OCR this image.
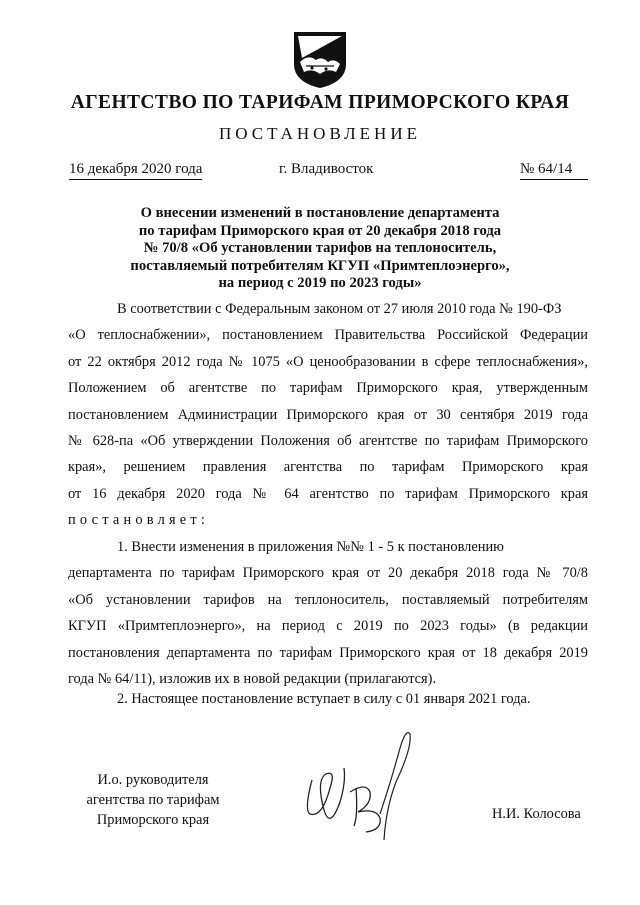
АГЕНТСТВО ПО ТАРИФАМ ПРИМОРСКОГО КРАЯ
ПОСТАНОВЛЕНИЕ
16 декабря 2020 года	г. Владивосток	№ 64/14
О внесении изменений в постановление департамента
по тарифам Приморского края от 20 декабря 2018 года
№ 70/8 «Об установлении тарифов на теплоноситель,
поставляемый потребителям КГУП «Примтеплоэнерго»,
на период с 2019 по 2023 годы»
В соответствии с Федеральным законом от 27 июля 2010 года № 190-ФЗ
«О теплоснабжении», постановлением Правительства Российской Федерации
от 22 октября 2012 года № 1075 «О ценообразовании в сфере теплоснабжения»,
Положением об агентстве по тарифам Приморского края, утвержденным
постановлением Администрации Приморского края от 30 сентября 2019 года
№ 628-па «Об утверждении Положения об агентстве по тарифам Приморского
края», решением правления агентства по тарифам Приморского края
от 16 декабря 2020 года № 64 агентство по тарифам Приморского края
постановляет:
1. Внести изменения в приложения №№ 1 - 5 к постановлению
департамента по тарифам Приморского края от 20 декабря 2018 года № 70/8
«Об установлении тарифов на теплоноситель, поставляемый потребителям
КГУП «Примтеплоэнерго», на период с 2019 по 2023 годы» (в редакции
постановления департамента по тарифам Приморского края от 18 декабря 2019
года № 64/11), изложив их в новой редакции (прилагаются).
2. Настоящее постановление вступает в силу с 01 января 2021 года.
И.о. руководителя
агентства по тарифам
Приморского края	Н.И. Колосова
